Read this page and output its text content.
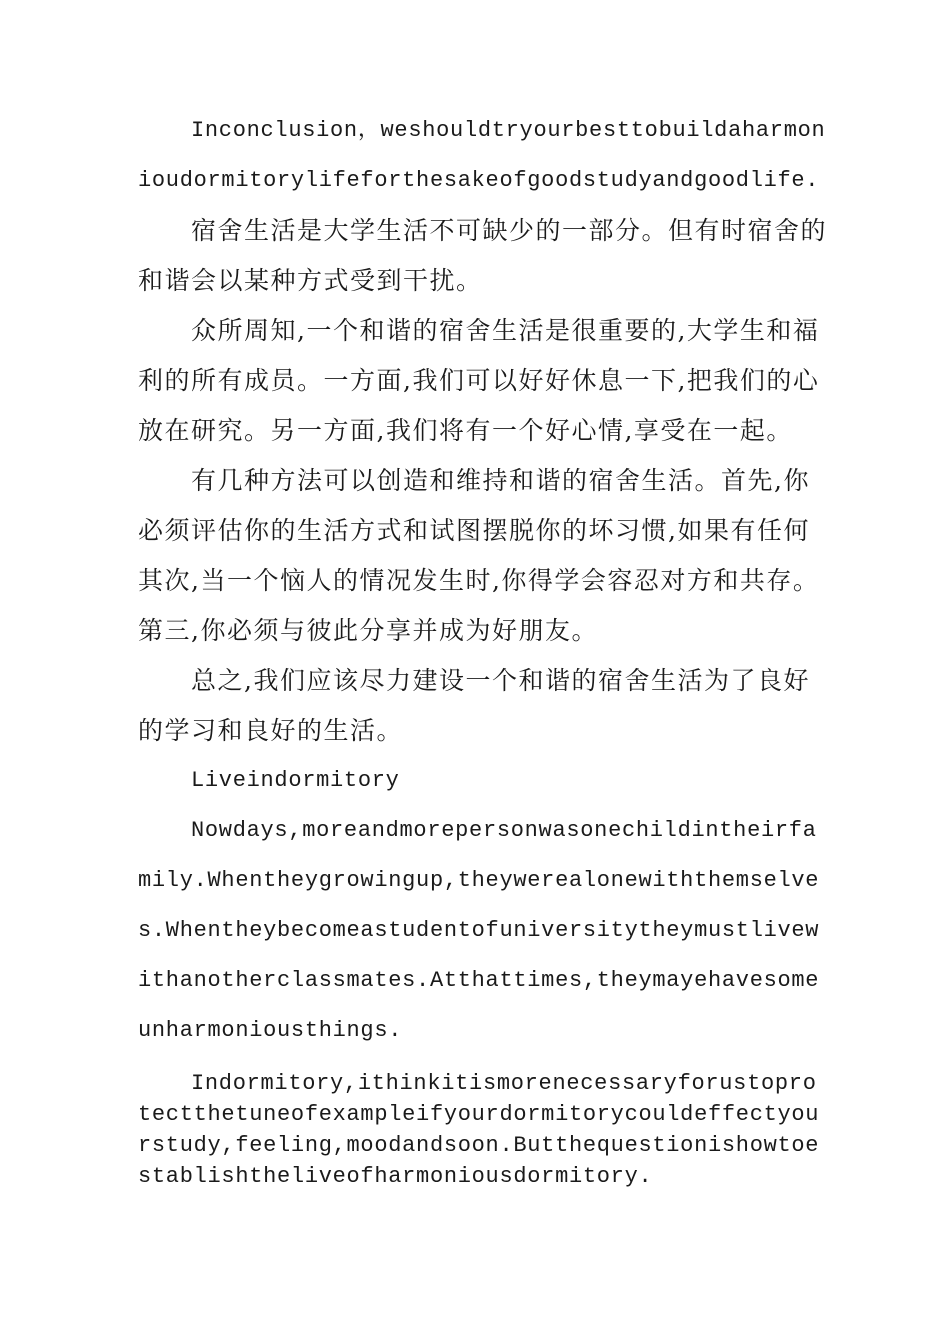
Inconclusion，weshouldtryourbesttobuildaharmonioudormitorylifeforthesakeofgoodstudyandgoodlife.

宿舍生活是大学生活不可缺少的一部分。但有时宿舍的和谐会以某种方式受到干扰。

众所周知,一个和谐的宿舍生活是很重要的,大学生和福利的所有成员。一方面,我们可以好好休息一下,把我们的心放在研究。另一方面,我们将有一个好心情,享受在一起。

有几种方法可以创造和维持和谐的宿舍生活。首先,你必须评估你的生活方式和试图摆脱你的坏习惯,如果有任何其次,当一个恼人的情况发生时,你得学会容忍对方和共存。第三,你必须与彼此分享并成为好朋友。

总之,我们应该尽力建设一个和谐的宿舍生活为了良好的学习和良好的生活。

Liveindormitory

Nowdays,moreandmorepersonwasonechildintheirfamily.Whentheygrowingup,theywerealonewiththemselves.Whentheybecomeastudentofuniversitytheymustlivewithanotherclassmates.Atthattimes,theymayehavesomeunharmoniousthings.

Indormitory,ithinkitismorenecessaryforustoprotectthetuneofexampleifyourdormitorycouldeffectyourstudy,feeling,moodandsoon.Butthequestionishowtoestablishtheliveofharmoniousdormitory.
